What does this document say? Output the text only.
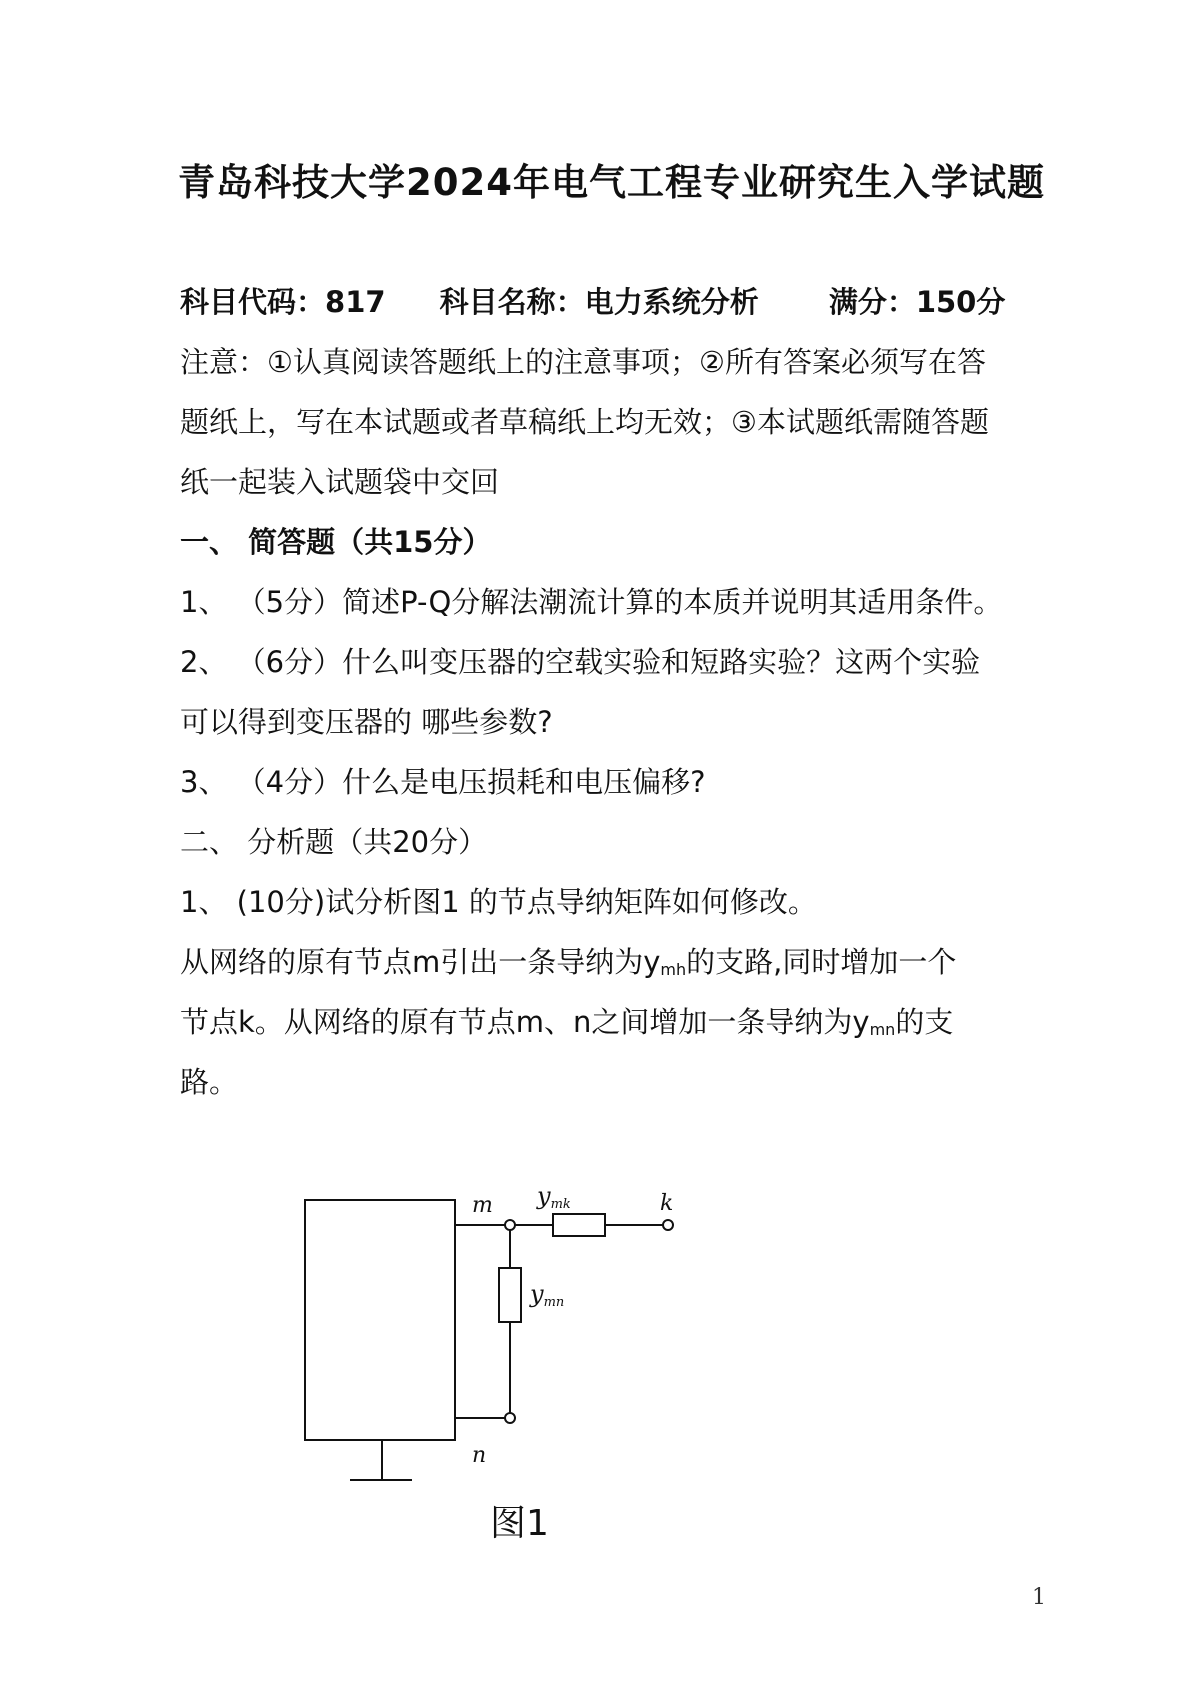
青岛科技大学2024年电气工程专业研究生入学试题
科目代码：817 科目名称：电力系统分析 满分：150分
注意：①认真阅读答题纸上的注意事项；②所有答案必须写在答
题纸上，写在本试题或者草稿纸上均无效；③本试题纸需随答题
纸一起装入试题袋中交回
一、 简答题（共15分）
1、 （5分）简述P-Q分解法潮流计算的本质并说明其适用条件。
2、 （6分）什么叫变压器的空载实验和短路实验？这两个实验
可以得到变压器的 哪些参数?
3、 （4分）什么是电压损耗和电压偏移?
二、 分析题（共20分）
1、 (10分)试分析图1 的节点导纳矩阵如何修改。
从网络的原有节点m引出一条导纳为$y_{mh}$的支路,同时增加一个
节点k。从网络的原有节点m、n之间增加一条导纳为$y_{mn}$的支
路。
m
n
k
ymk
ymn
图1
1
